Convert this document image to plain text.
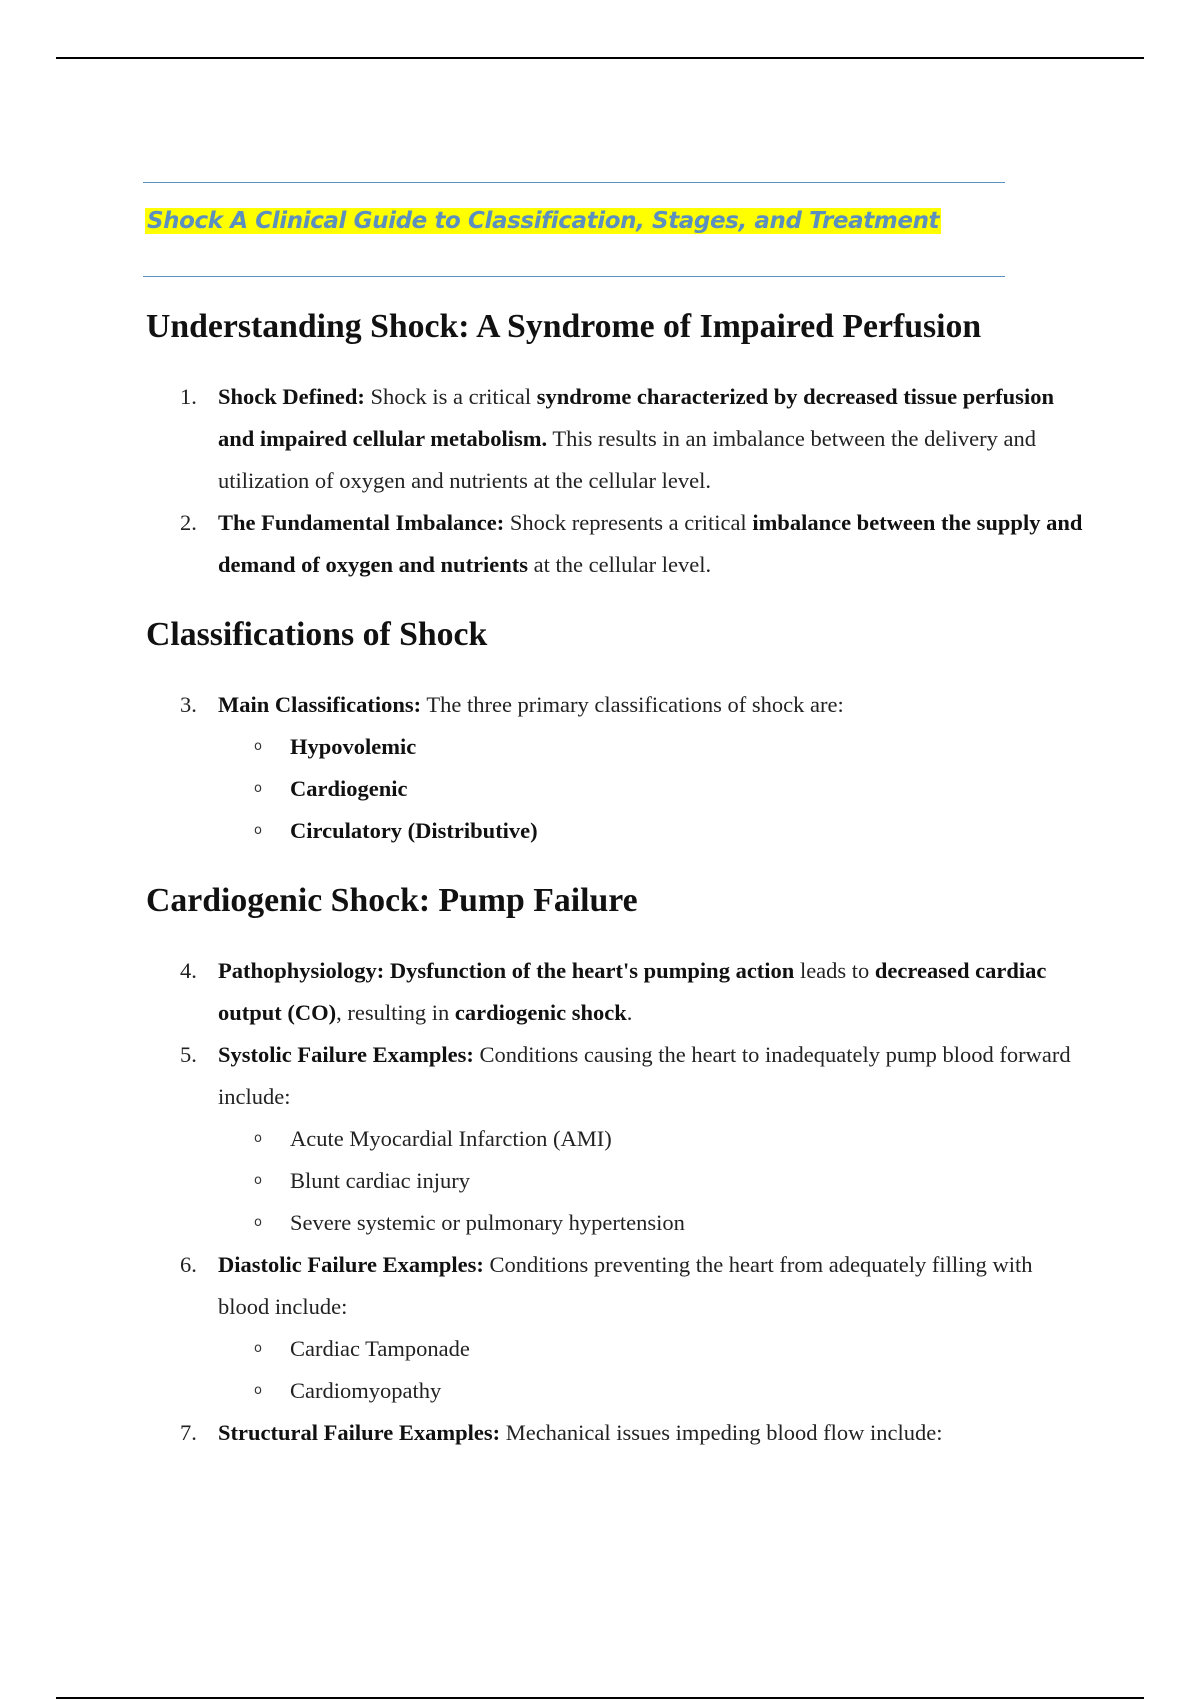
Shock A Clinical Guide to Classification, Stages, and Treatment
Understanding Shock: A Syndrome of Impaired Perfusion
1. Shock Defined: Shock is a critical syndrome characterized by decreased tissue perfusion and impaired cellular metabolism. This results in an imbalance between the delivery and utilization of oxygen and nutrients at the cellular level.
2. The Fundamental Imbalance: Shock represents a critical imbalance between the supply and demand of oxygen and nutrients at the cellular level.
Classifications of Shock
3. Main Classifications: The three primary classifications of shock are:
o Hypovolemic
o Cardiogenic
o Circulatory (Distributive)
Cardiogenic Shock: Pump Failure
4. Pathophysiology: Dysfunction of the heart's pumping action leads to decreased cardiac output (CO), resulting in cardiogenic shock.
5. Systolic Failure Examples: Conditions causing the heart to inadequately pump blood forward include:
o Acute Myocardial Infarction (AMI)
o Blunt cardiac injury
o Severe systemic or pulmonary hypertension
6. Diastolic Failure Examples: Conditions preventing the heart from adequately filling with blood include:
o Cardiac Tamponade
o Cardiomyopathy
7. Structural Failure Examples: Mechanical issues impeding blood flow include:
